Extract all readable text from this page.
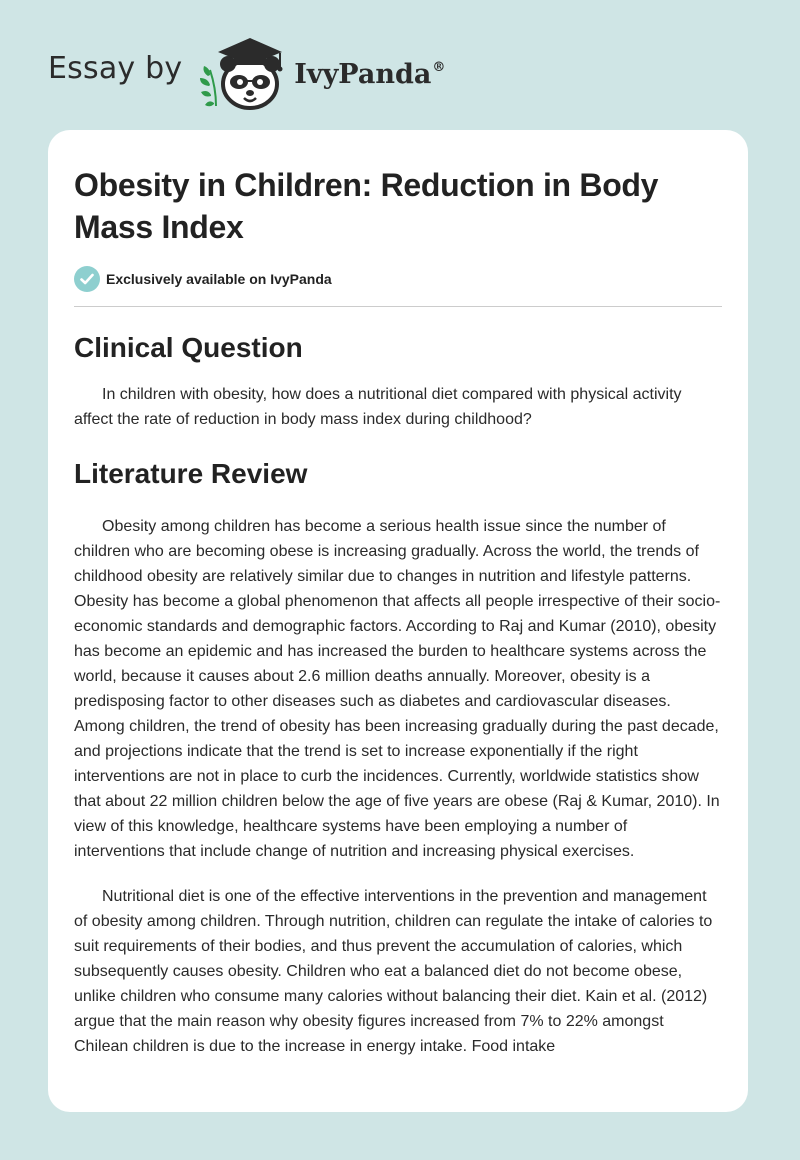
Essay by	IvyPanda®
Obesity in Children: Reduction in Body Mass Index
Exclusively available on IvyPanda
Clinical Question

In children with obesity, how does a nutritional diet compared with physical activity affect the rate of reduction in body mass index during childhood?

Literature Review

Obesity among children has become a serious health issue since the number of children who are becoming obese is increasing gradually. Across the world, the trends of childhood obesity are relatively similar due to changes in nutrition and lifestyle patterns. Obesity has become a global phenomenon that affects all people irrespective of their socio-economic standards and demographic factors. According to Raj and Kumar (2010), obesity has become an epidemic and has increased the burden to healthcare systems across the world, because it causes about 2.6 million deaths annually. Moreover, obesity is a predisposing factor to other diseases such as diabetes and cardiovascular diseases. Among children, the trend of obesity has been increasing gradually during the past decade, and projections indicate that the trend is set to increase exponentially if the right interventions are not in place to curb the incidences. Currently, worldwide statistics show that about 22 million children below the age of five years are obese (Raj & Kumar, 2010). In view of this knowledge, healthcare systems have been employing a number of interventions that include change of nutrition and increasing physical exercises.

Nutritional diet is one of the effective interventions in the prevention and management of obesity among children. Through nutrition, children can regulate the intake of calories to suit requirements of their bodies, and thus prevent the accumulation of calories, which subsequently causes obesity. Children who eat a balanced diet do not become obese, unlike children who consume many calories without balancing their diet. Kain et al. (2012) argue that the main reason why obesity figures increased from 7% to 22% amongst Chilean children is due to the increase in energy intake. Food intake
